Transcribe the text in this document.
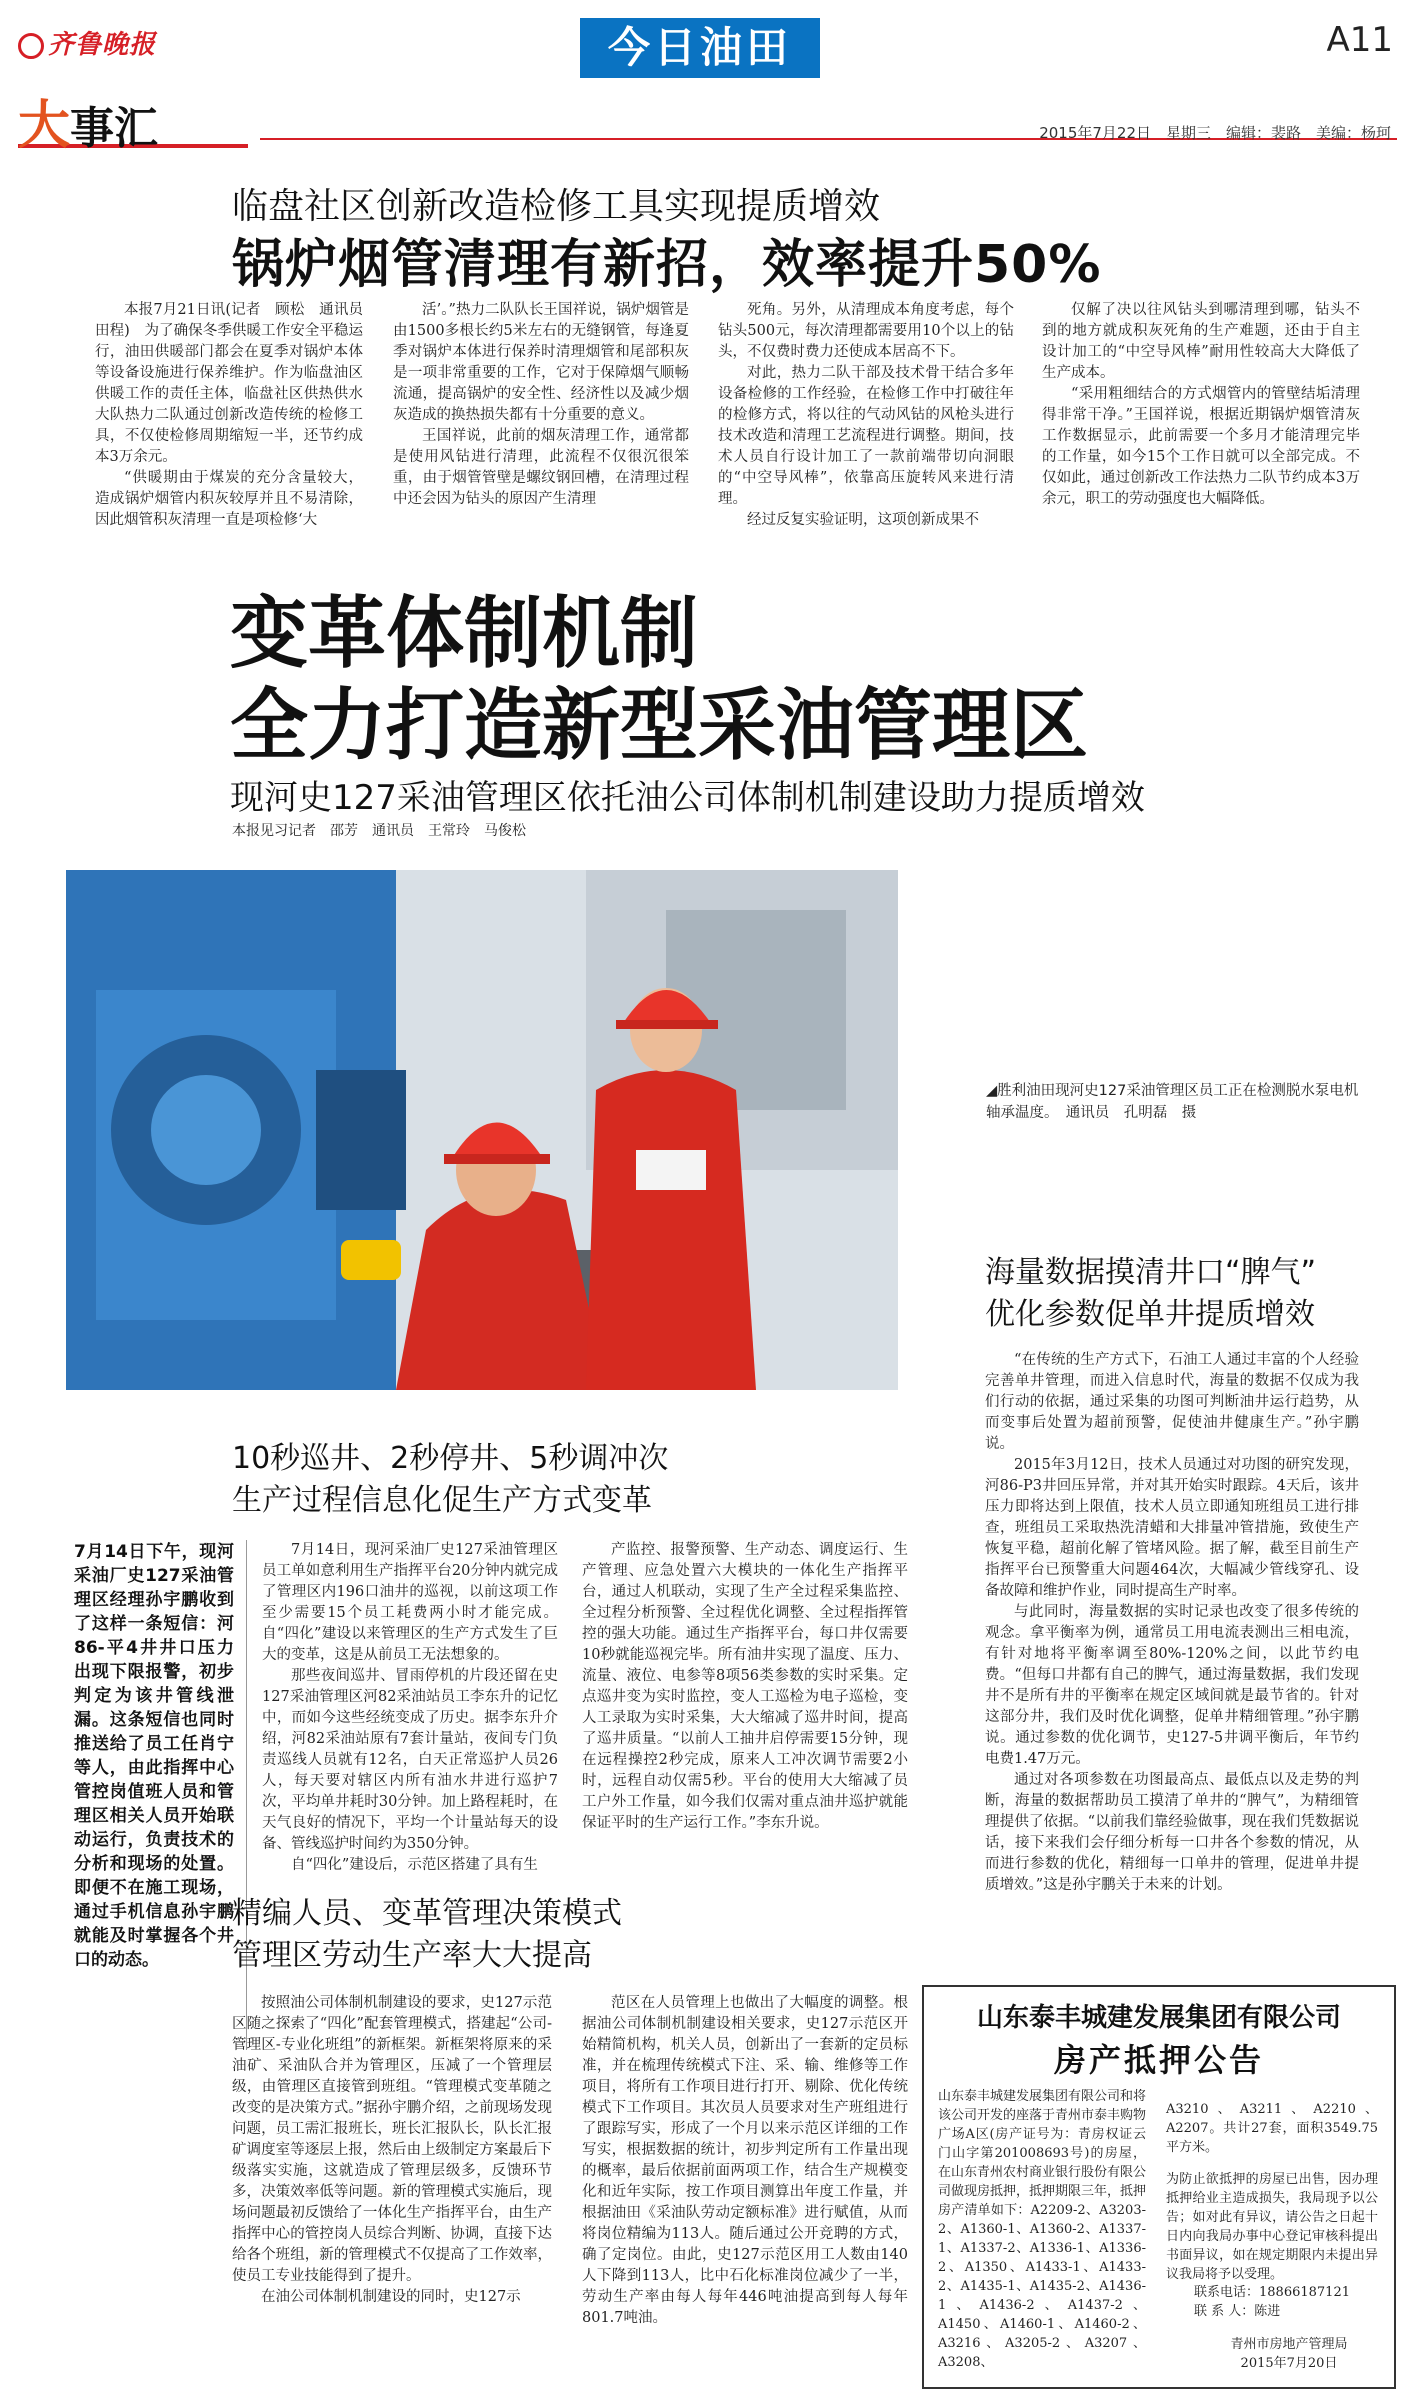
齐鲁晚报	今日油田	A11
大事汇	2015年7月22日　星期三　编辑：裴路　美编：杨珂
临盘社区创新改造检修工具实现提质增效
锅炉烟管清理有新招，效率提升50%

本报7月21日讯(记者　顾松　通讯员　田程)　为了确保冬季供暖工作安全平稳运行，油田供暖部门都会在夏季对锅炉本体等设备设施进行保养维护。作为临盘油区供暖工作的责任主体，临盘社区供热供水大队热力二队通过创新改造传统的检修工具，不仅使检修周期缩短一半，还节约成本3万余元。

“供暖期由于煤炭的充分含量较大，造成锅炉烟管内积灰较厚并且不易清除，因此烟管积灰清理一直是项检修‘大

活’。”热力二队队长王国祥说，锅炉烟管是由1500多根长约5米左右的无缝钢管，每逢夏季对锅炉本体进行保养时清理烟管和尾部积灰是一项非常重要的工作，它对于保障烟气顺畅流通，提高锅炉的安全性、经济性以及减少烟灰造成的换热损失都有十分重要的意义。

王国祥说，此前的烟灰清理工作，通常都是使用风钻进行清理，此流程不仅很沉很笨重，由于烟管管壁是螺纹钢回槽，在清理过程中还会因为钻头的原因产生清理

死角。另外，从清理成本角度考虑，每个钻头500元，每次清理都需要用10个以上的钻头，不仅费时费力还使成本居高不下。

对此，热力二队干部及技术骨干结合多年设备检修的工作经验，在检修工作中打破往年的检修方式，将以往的气动风钻的风枪头进行技术改造和清理工艺流程进行调整。期间，技术人员自行设计加工了一款前端带切向洞眼的“中空导风棒”，依靠高压旋转风来进行清理。

经过反复实验证明，这项创新成果不

仅解了决以往风钻头到哪清理到哪，钻头不到的地方就成积灰死角的生产难题，还由于自主设计加工的“中空导风棒”耐用性较高大大降低了生产成本。

“采用粗细结合的方式烟管内的管壁结垢清理得非常干净。”王国祥说，根据近期锅炉烟管清灰工作数据显示，此前需要一个多月才能清理完毕的工作量，如今15个工作日就可以全部完成。不仅如此，通过创新改工作法热力二队节约成本3万余元，职工的劳动强度也大幅降低。

变革体制机制
全力打造新型采油管理区
现河史127采油管理区依托油公司体制机制建设助力提质增效
本报见习记者　邵芳　通讯员　王常玲　马俊松
◢胜利油田现河史127采油管理区员工正在检测脱水泵电机轴承温度。　通讯员　孔明磊　摄
海量数据摸清井口“脾气”
优化参数促单井提质增效

“在传统的生产方式下，石油工人通过丰富的个人经验完善单井管理，而进入信息时代，海量的数据不仅成为我们行动的依据，通过采集的功图可判断油井运行趋势，从而变事后处置为超前预警，促使油井健康生产。”孙宇鹏说。

2015年3月12日，技术人员通过对功图的研究发现，河86-P3井回压异常，并对其开始实时跟踪。4天后，该井压力即将达到上限值，技术人员立即通知班组员工进行排查，班组员工采取热洗清蜡和大排量冲管措施，致使生产恢复平稳，超前化解了管堵风险。据了解，截至目前生产指挥平台已预警重大问题464次，大幅减少管线穿孔、设备故障和维护作业，同时提高生产时率。

与此同时，海量数据的实时记录也改变了很多传统的观念。拿平衡率为例，通常员工用电流表测出三相电流，有针对地将平衡率调至80%-120%之间，以此节约电费。“但每口井都有自己的脾气，通过海量数据，我们发现井不是所有井的平衡率在规定区域间就是最节省的。针对这部分井，我们及时优化调整，促单井精细管理。”孙宇鹏说。通过参数的优化调节，史127-5井调平衡后，年节约电费1.47万元。

通过对各项参数在功图最高点、最低点以及走势的判断，海量的数据帮助员工摸清了单井的“脾气”，为精细管理提供了依据。“以前我们靠经验做事，现在我们凭数据说话，接下来我们会仔细分析每一口井各个参数的情况，从而进行参数的优化，精细每一口单井的管理，促进单井提质增效。”这是孙宇鹏关于未来的计划。

10秒巡井、2秒停井、5秒调冲次
生产过程信息化促生产方式变革
7月14日下午，现河采油厂史127采油管理区经理孙宇鹏收到了这样一条短信：河86-平4井井口压力出现下限报警，初步判定为该井管线泄漏。这条短信也同时推送给了员工任肖宁等人，由此指挥中心管控岗值班人员和管理区相关人员开始联动运行，负责技术的分析和现场的处置。即便不在施工现场，通过手机信息孙宇鹏就能及时掌握各个井口的动态。

7月14日，现河采油厂史127采油管理区员工单如意利用生产指挥平台20分钟内就完成了管理区内196口油井的巡视，以前这项工作至少需要15个员工耗费两小时才能完成。自“四化”建设以来管理区的生产方式发生了巨大的变革，这是从前员工无法想象的。

那些夜间巡井、冒雨停机的片段还留在史127采油管理区河82采油站员工李东升的记忆中，而如今这些经统变成了历史。据李东升介绍，河82采油站原有7套计量站，夜间专门负责巡线人员就有12名，白天正常巡护人员26人，每天要对辖区内所有油水井进行巡护7次，平均单井耗时30分钟。加上路程耗时，在天气良好的情况下，平均一个计量站每天的设备、管线巡护时间约为350分钟。

自“四化”建设后，示范区搭建了具有生

产监控、报警预警、生产动态、调度运行、生产管理、应急处置六大模块的一体化生产指挥平台，通过人机联动，实现了生产全过程采集监控、全过程分析预警、全过程优化调整、全过程指挥管控的强大功能。通过生产指挥平台，每口井仅需要10秒就能巡视完毕。所有油井实现了温度、压力、流量、液位、电参等8项56类参数的实时采集。定点巡井变为实时监控，变人工巡检为电子巡检，变人工录取为实时采集，大大缩减了巡井时间，提高了巡井质量。“以前人工抽井启停需要15分钟，现在远程操控2秒完成，原来人工冲次调节需要2小时，远程自动仅需5秒。平台的使用大大缩减了员工户外工作量，如今我们仅需对重点油井巡护就能保证平时的生产运行工作。”李东升说。

精编人员、变革管理决策模式
管理区劳动生产率大大提高

按照油公司体制机制建设的要求，史127示范区随之探索了“四化”配套管理模式，搭建起“公司-管理区-专业化班组”的新框架。新框架将原来的采油矿、采油队合并为管理区，压减了一个管理层级，由管理区直接管到班组。“管理模式变革随之改变的是决策方式。”据孙宇鹏介绍，之前现场发现问题，员工需汇报班长，班长汇报队长，队长汇报矿调度室等逐层上报，然后由上级制定方案最后下级落实实施，这就造成了管理层级多，反馈环节多，决策效率低等问题。新的管理模式实施后，现场问题最初反馈给了一体化生产指挥平台，由生产指挥中心的管控岗人员综合判断、协调，直接下达给各个班组，新的管理模式不仅提高了工作效率，使员工专业技能得到了提升。

在油公司体制机制建设的同时，史127示

范区在人员管理上也做出了大幅度的调整。根据油公司体制机制建设相关要求，史127示范区开始精简机构，机关人员，创新出了一套新的定员标准，并在梳理传统模式下注、采、输、维修等工作项目，将所有工作项目进行打开、剔除、优化传统模式下工作项目。其次员人员要求对生产班组进行了跟踪写实，形成了一个月以来示范区详细的工作写实，根据数据的统计，初步判定所有工作量出现的概率，最后依据前面两项工作，结合生产规模变化和近年实际，按工作项目测算出年度工作量，并根据油田《采油队劳动定额标准》进行赋值，从而将岗位精编为113人。随后通过公开竞聘的方式，确了定岗位。由此，史127示范区用工人数由140人下降到113人，比中石化标准岗位减少了一半，劳动生产率由每人每年446吨油提高到每人每年801.7吨油。

山东泰丰城建发展集团有限公司
房产抵押公告
山东泰丰城建发展集团有限公司和将该公司开发的座落于青州市泰丰购物广场A区(房产证号为：青房权证云门山字第201008693号)的房屋，在山东青州农村商业银行股份有限公司做现房抵押，抵押期限三年，抵押房产清单如下：A2209-2、A3203-2、A1360-1、A1360-2、A1337-1、A1337-2、A1336-1、A1336-2、A1350、A1433-1、A1433-2、A1435-1、A1435-2、A1436-1、A1436-2、A1437-2、A1450、A1460-1、A1460-2、A3216、A3205-2、A3207、A3208、

A3210、A3211、A2210、A2207。共计27套，面积3549.75平方米。

为防止欲抵押的房屋已出售，因办理抵押给业主造成损失，我局现予以公告；如对此有异议，请公告之日起十日内向我局办事中心登记审核科提出书面异议，如在规定期限内未提出异议我局将予以受理。

联系电话：18866187121
联 系 人：陈进
青州市房地产管理局
2015年7月20日
